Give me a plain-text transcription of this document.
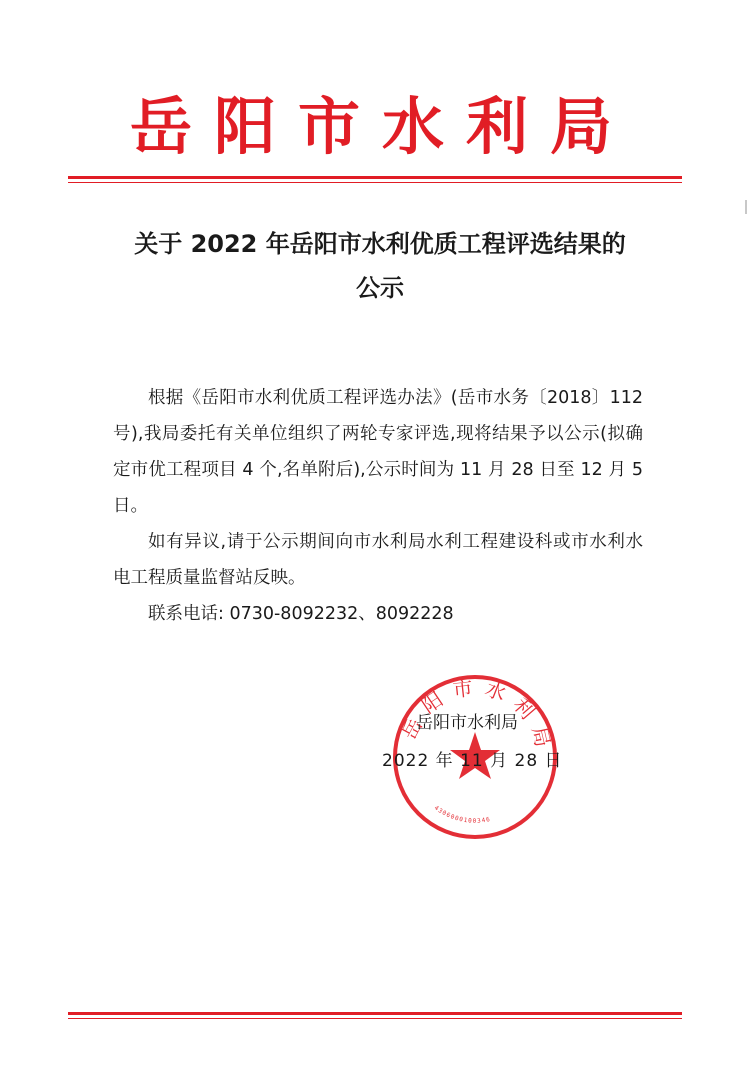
岳阳市水利局
关于 2022 年岳阳市水利优质工程评选结果的
公示

根据《岳阳市水利优质工程评选办法》(岳市水务〔2018〕112 号),我局委托有关单位组织了两轮专家评选,现将结果予以公示(拟确定市优工程项目 4 个,名单附后),公示时间为 11 月 28 日至 12 月 5 日。

如有异议,请于公示期间向市水利局水利工程建设科或市水利水电工程质量监督站反映。

联系电话: 0730-8092232、8092228

岳阳市水利局
4306000100346
岳阳市水利局
2022 年 11 月 28 日
